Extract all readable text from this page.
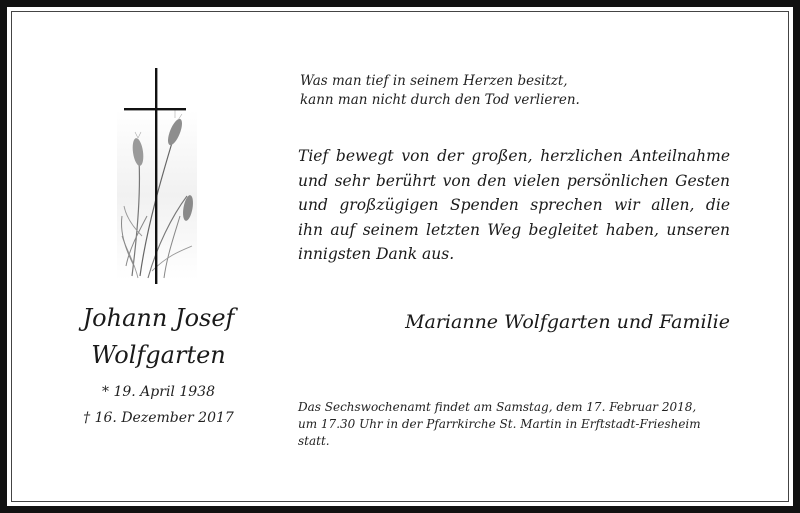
Johann Josef
Wolfgarten
* 19. April 1938
† 16. Dezember 2017
Was man tief in seinem Herzen besitzt,
kann man nicht durch den Tod verlieren.
Tief bewegt von der großen, herzlichen Anteilnahme
und sehr berührt von den vielen persönlichen Gesten
und großzügigen Spenden sprechen wir allen, die
ihn auf seinem letzten Weg begleitet haben, unseren
innigsten Dank aus.
Marianne Wolfgarten und Familie
Das Sechswochenamt findet am Samstag, dem 17. Februar 2018,
um 17.30 Uhr in der Pfarrkirche St. Martin in Erftstadt-Friesheim
statt.
